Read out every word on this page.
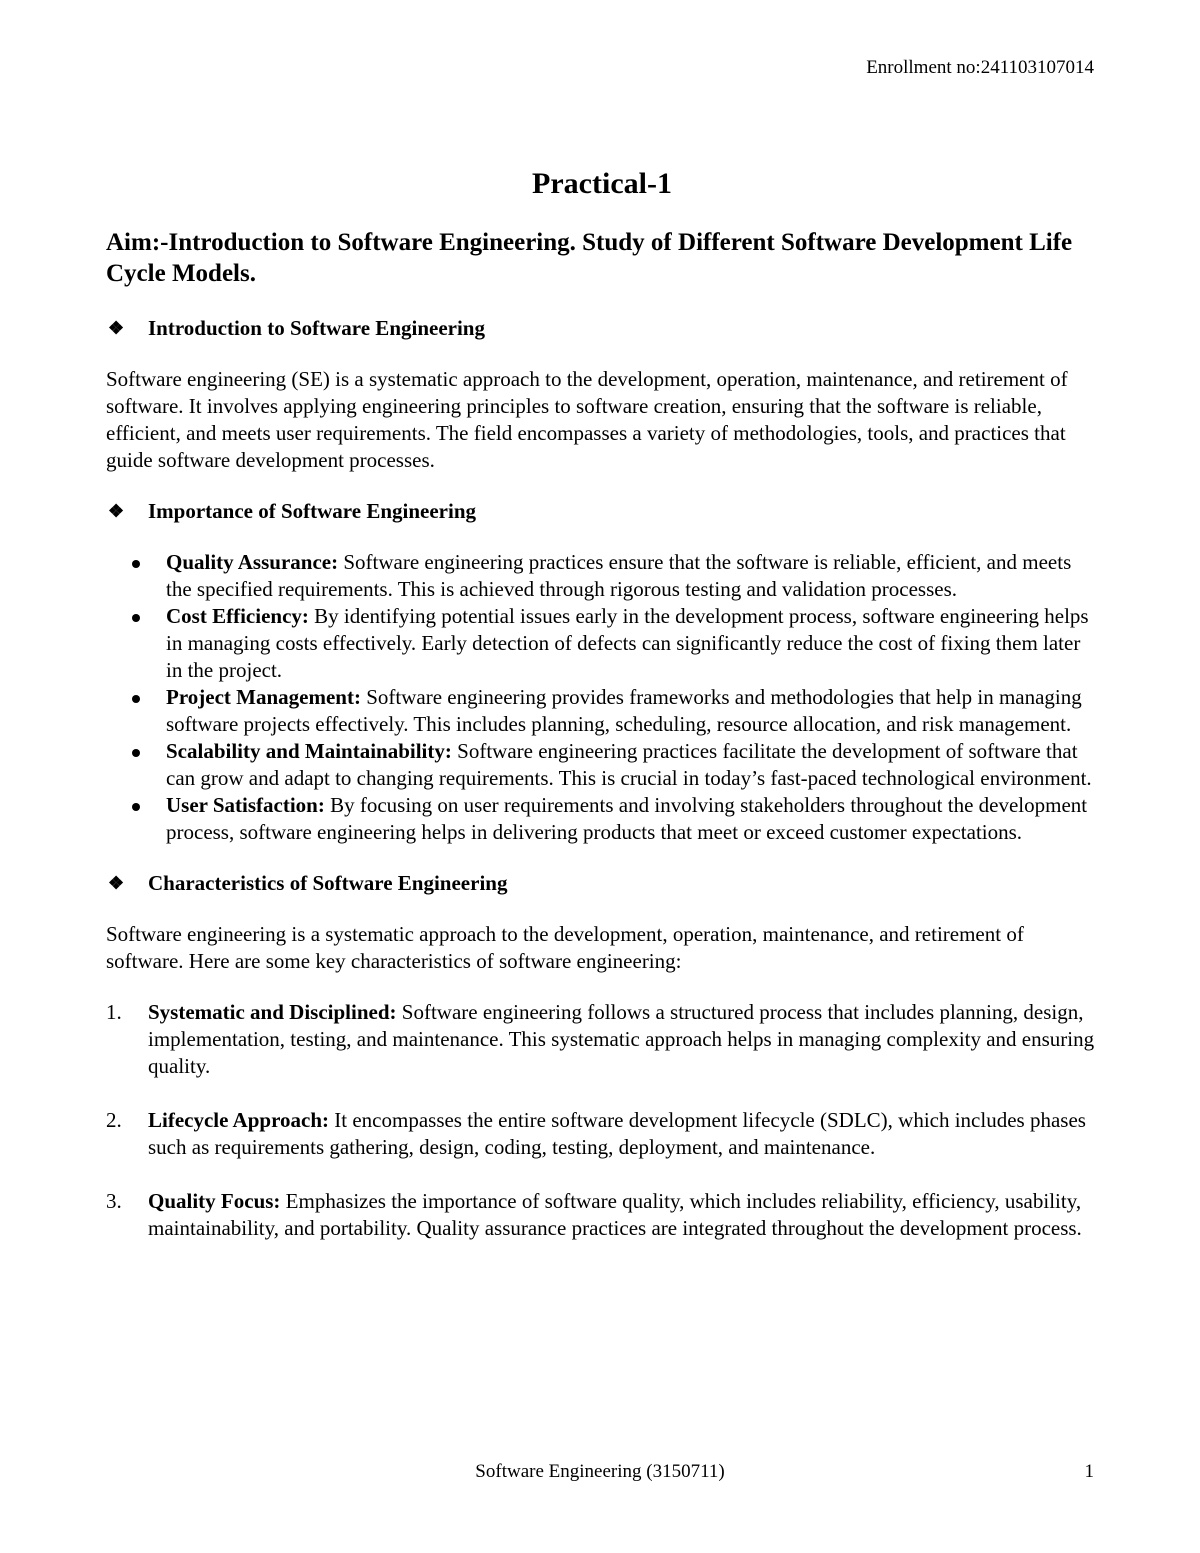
Enrollment no:241103107014
Practical-1

Aim:-Introduction to Software Engineering. Study of Different Software Development Life Cycle Models.

❖	Introduction to Software Engineering

Software engineering (SE) is a systematic approach to the development, operation, maintenance, and retirement of software. It involves applying engineering principles to software creation, ensuring that the software is reliable, efficient, and meets user requirements. The field encompasses a variety of methodologies, tools, and practices that guide software development processes.

❖	Importance of Software Engineering
Quality Assurance: Software engineering practices ensure that the software is reliable, efficient, and meets the specified requirements. This is achieved through rigorous testing and validation processes.
Cost Efficiency: By identifying potential issues early in the development process, software engineering helps in managing costs effectively. Early detection of defects can significantly reduce the cost of fixing them later in the project.
Project Management: Software engineering provides frameworks and methodologies that help in managing software projects effectively. This includes planning, scheduling, resource allocation, and risk management.
Scalability and Maintainability: Software engineering practices facilitate the development of software that can grow and adapt to changing requirements. This is crucial in today’s fast-paced technological environment.
User Satisfaction: By focusing on user requirements and involving stakeholders throughout the development process, software engineering helps in delivering products that meet or exceed customer expectations.
❖	Characteristics of Software Engineering

Software engineering is a systematic approach to the development, operation, maintenance, and retirement of software. Here are some key characteristics of software engineering:

1. Systematic and Disciplined: Software engineering follows a structured process that includes planning, design, implementation, testing, and maintenance. This systematic approach helps in managing complexity and ensuring quality.
2. Lifecycle Approach: It encompasses the entire software development lifecycle (SDLC), which includes phases such as requirements gathering, design, coding, testing, deployment, and maintenance.
3. Quality Focus: Emphasizes the importance of software quality, which includes reliability, efficiency, usability, maintainability, and portability. Quality assurance practices are integrated throughout the development process.
Software Engineering (3150711)	1
